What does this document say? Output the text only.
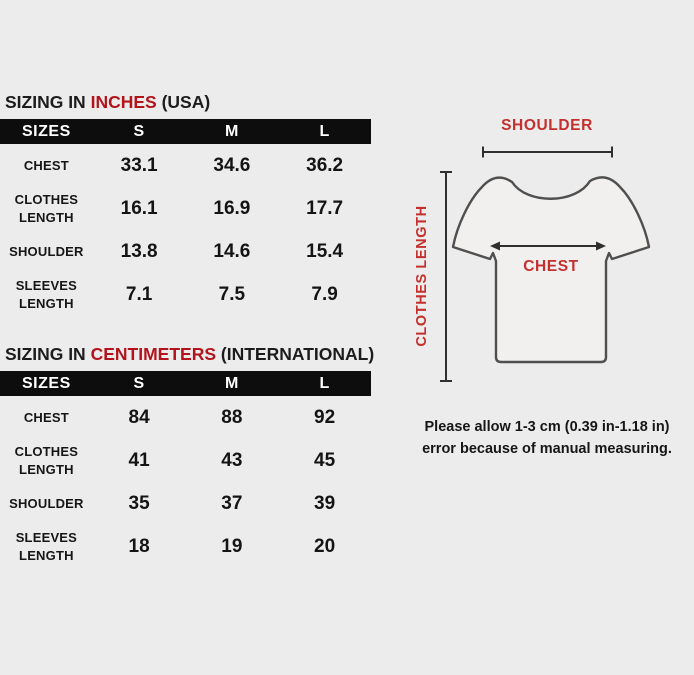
SIZING IN INCHES (USA)
SIZES	S	M	L
CHEST	33.1	34.6	36.2
CLOTHES LENGTH	16.1	16.9	17.7
SHOULDER	13.8	14.6	15.4
SLEEVES LENGTH	7.1	7.5	7.9
SIZING IN CENTIMETERS (INTERNATIONAL)
SIZES	S	M	L
CHEST	84	88	92
CLOTHES LENGTH	41	43	45
SHOULDER	35	37	39
SLEEVES LENGTH	18	19	20
SHOULDER
CHEST
CLOTHES LENGTH
Please allow 1-3 cm (0.39 in-1.18 in)
error because of manual measuring.
